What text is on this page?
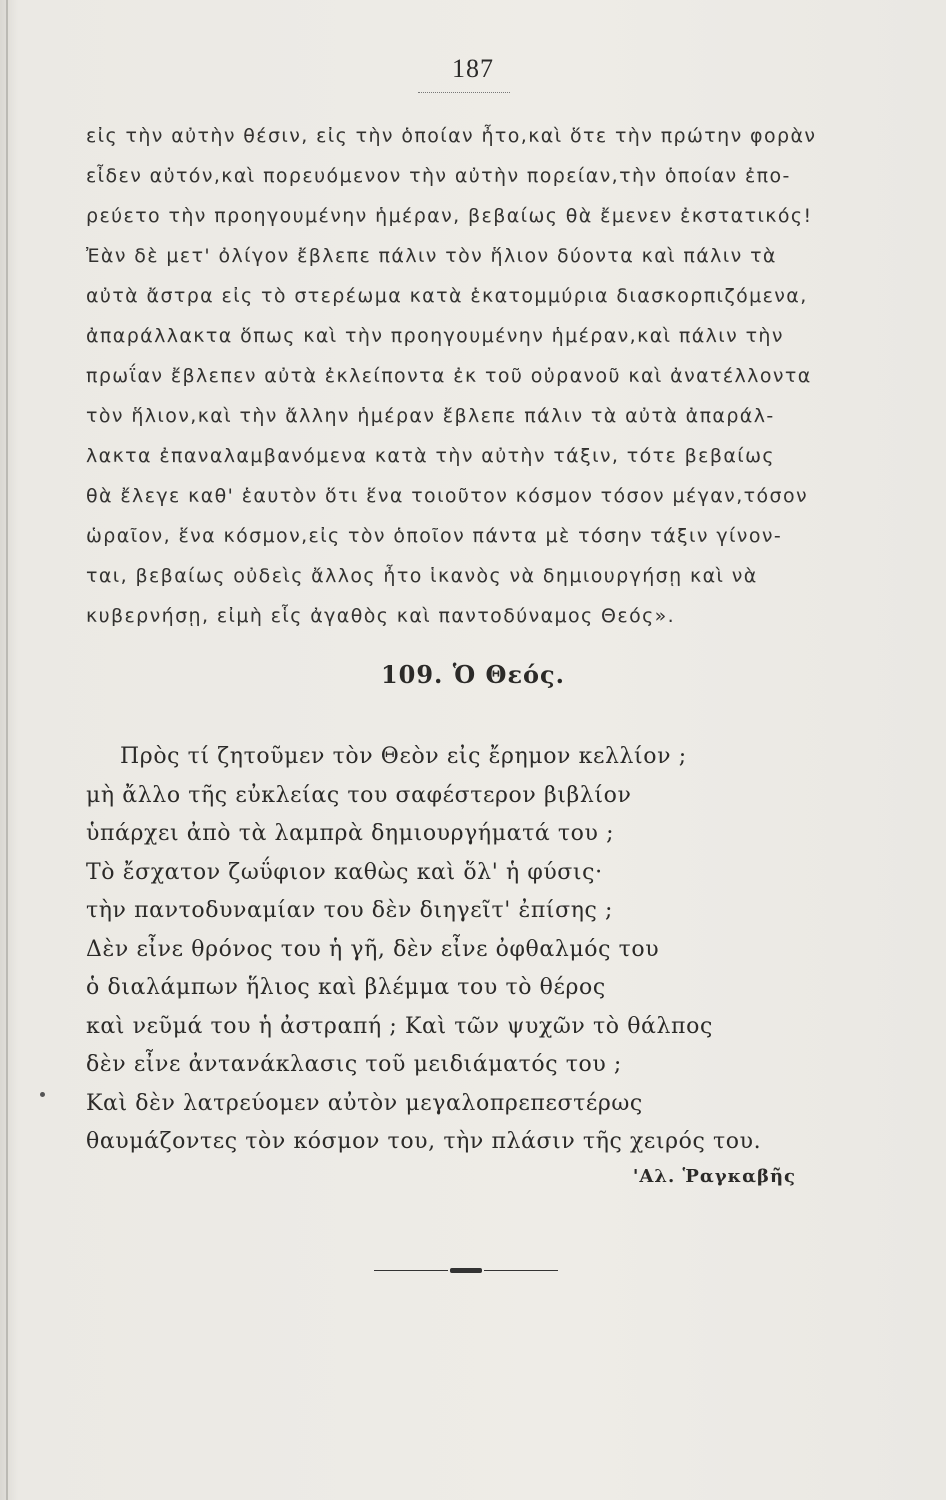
187
εἰς τὴν αὐτὴν θέσιν, εἰς τὴν ὁποίαν ἦτο,καὶ ὅτε τὴν πρώτην φορὰν
εἶδεν αὐτόν,καὶ πορευόμενον τὴν αὐτὴν πορείαν,τὴν ὁποίαν ἐπο-
ρεύετο τὴν προηγουμένην ἡμέραν, βεβαίως θὰ ἔμενεν ἐκστατικός!
Ἐὰν δὲ μετ' ὀλίγον ἔβλεπε πάλιν τὸν ἥλιον δύοντα καὶ πάλιν τὰ
αὐτὰ ἄστρα εἰς τὸ στερέωμα κατὰ ἑκατομμύρια διασκορπιζόμενα,
ἀπαράλλακτα ὅπως καὶ τὴν προηγουμένην ἡμέραν,καὶ πάλιν τὴν
πρωΐαν ἔβλεπεν αὐτὰ ἐκλείποντα ἐκ τοῦ οὐρανοῦ καὶ ἀνατέλλοντα
τὸν ἥλιον,καὶ τὴν ἄλλην ἡμέραν ἔβλεπε πάλιν τὰ αὐτὰ ἀπαράλ-
λακτα ἐπαναλαμβανόμενα κατὰ τὴν αὐτὴν τάξιν, τότε βεβαίως
θὰ ἔλεγε καθ' ἑαυτὸν ὅτι ἕνα τοιοῦτον κόσμον τόσον μέγαν,τόσον
ὡραῖον, ἕνα κόσμον,εἰς τὸν ὁποῖον πάντα μὲ τόσην τάξιν γίνον-
ται, βεβαίως οὐδεὶς ἄλλος ἦτο ἱκανὸς νὰ δημιουργήσῃ καὶ νὰ
κυβερνήσῃ, εἰμὴ εἷς ἀγαθὸς καὶ παντοδύναμος Θεός».
109. Ὁ Θεός.
Πρὸς τί ζητοῦμεν τὸν Θεὸν εἰς ἔρημον κελλίον ;
μὴ ἄλλο τῆς εὐκλείας του σαφέστερον βιβλίον
ὑπάρχει ἀπὸ τὰ λαμπρὰ δημιουργήματά του ;
Τὸ ἔσχατον ζωΰφιον καθὼς καὶ ὅλ' ἡ φύσις·
τὴν παντοδυναμίαν του δὲν διηγεῖτ' ἐπίσης ;
Δὲν εἶνε θρόνος του ἡ γῆ, δὲν εἶνε ὀφθαλμός του
ὁ διαλάμπων ἥλιος καὶ βλέμμα του τὸ θέρος
καὶ νεῦμά του ἡ ἀστραπή ; Καὶ τῶν ψυχῶν τὸ θάλπος
δὲν εἶνε ἀντανάκλασις τοῦ μειδιάματός του ;
Καὶ δὲν λατρεύομεν αὐτὸν μεγαλοπρεπεστέρως
θαυμάζοντες τὸν κόσμον του, τὴν πλάσιν τῆς χειρός του.
'Αλ. Ῥαγκαβῆς
